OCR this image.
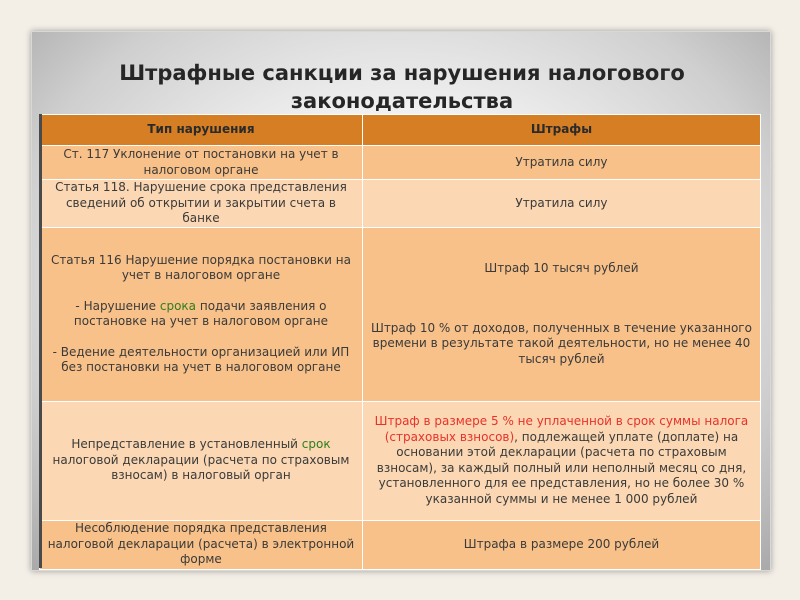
Штрафные санкции за нарушения налогового законодательства
Тип нарушения	Штрафы
Ст. 117 Уклонение от постановки на учет в налоговом органе	Утратила силу
Статья 118. Нарушение срока представления сведений об открытии и закрытии счета в банке	Утратила силу
Статья 116 Нарушение порядка постановки на учет в налоговом органе
- Нарушение срока подачи заявления о постановке на учет в налоговом органе
- Ведение деятельности организацией или ИП без постановки на учет в налоговом органе	Штраф 10 тысяч рублей
Штраф 10 % от доходов, полученных в течение указанного времени в результате такой деятельности, но не менее 40 тысяч рублей
Непредставление в установленный срок налоговой декларации (расчета по страховым взносам) в налоговый орган	Штраф в размере 5 % не уплаченной в срок суммы налога (страховых взносов), подлежащей уплате (доплате) на основании этой декларации (расчета по страховым взносам), за каждый полный или неполный месяц со дня, установленного для ее представления, но не более 30 % указанной суммы и не менее 1 000 рублей
Несоблюдение порядка представления налоговой декларации (расчета) в электронной форме	Штрафа в размере 200 рублей
